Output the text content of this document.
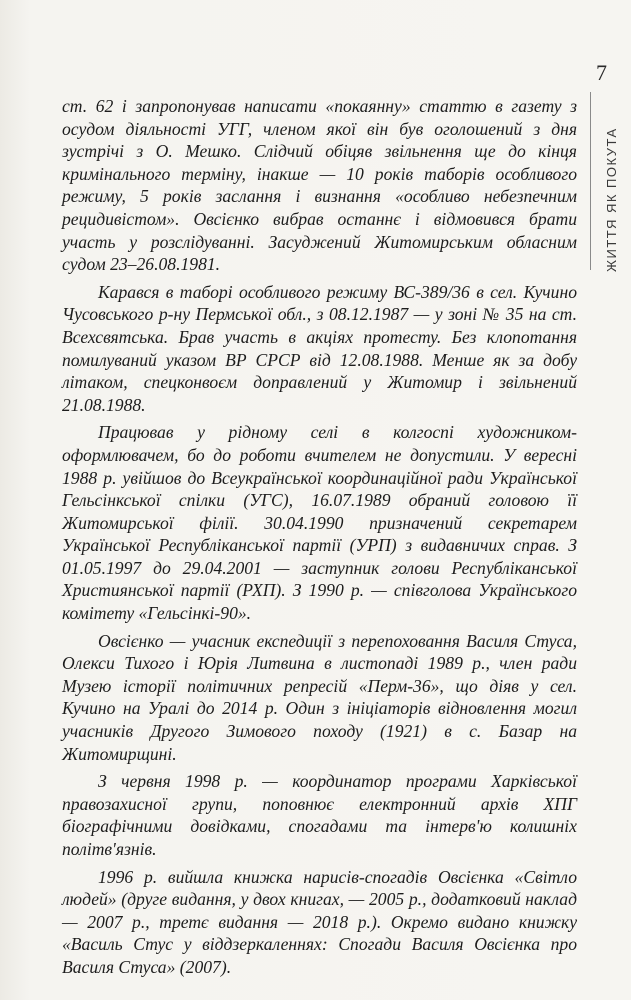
7
ЖИТТЯ ЯК ПОКУТА

ст. 62 і запропонував написати «покаянну» статтю в газету з осудом діяльності УГГ, членом якої він був оголошений з дня зустрічі з О. Мешко. Слідчий обіцяв звільнення ще до кінця кримінального терміну, інакше — 10 років таборів особливого режиму, 5 років заслання і визнання «особливо небезпечним рецидивістом». Овсієнко вибрав останнє і відмовився брати участь у розслідуванні. Засуджений Житомирським обласним судом 23–26.08.1981.

Карався в таборі особливого режиму ВС-389/36 в сел. Кучино Чусовського р-ну Пермської обл., з 08.12.1987 — у зоні № 35 на ст. Всехсвятська. Брав участь в акціях протесту. Без клопотання помилуваний указом ВР СРСР від 12.08.1988. Менше як за добу літаком, спецконвоєм доправлений у Житомир і звільнений 21.08.1988.

Працював у рідному селі в колгоспі художником-оформлювачем, бо до роботи вчителем не допустили. У вересні 1988 р. увійшов до Всеукраїнської координаційної ради Української Гельсінкської спілки (УГС), 16.07.1989 обраний головою її Житомирської філії. 30.04.1990 призначений секретарем Української Республіканської партії (УРП) з видавничих справ. З 01.05.1997 до 29.04.2001 — заступник голови Республіканської Християнської партії (РХП). З 1990 р. — співголова Українського комітету «Гельсінкі-90».

Овсієнко — учасник експедиції з перепоховання Василя Стуса, Олекси Тихого і Юрія Литвина в листопаді 1989 р., член ради Музею історії політичних репресій «Перм-36», що діяв у сел. Кучино на Уралі до 2014 р. Один з ініціаторів відновлення могил учасників Другого Зимового походу (1921) в с. Базар на Житомирщині.

З червня 1998 р. — координатор програми Харківської правозахисної групи, поповнює електронний архів ХПГ біографічними довідками, спогадами та інтерв'ю колишніх політв'язнів.

1996 р. вийшла книжка нарисів-спогадів Овсієнка «Світло людей» (друге видання, у двох книгах, — 2005 р., додатковий наклад — 2007 р., третє видання — 2018 р.). Окремо видано книжку «Василь Стус у віддзеркаленнях: Спогади Василя Овсієнка про Василя Стуса» (2007).
